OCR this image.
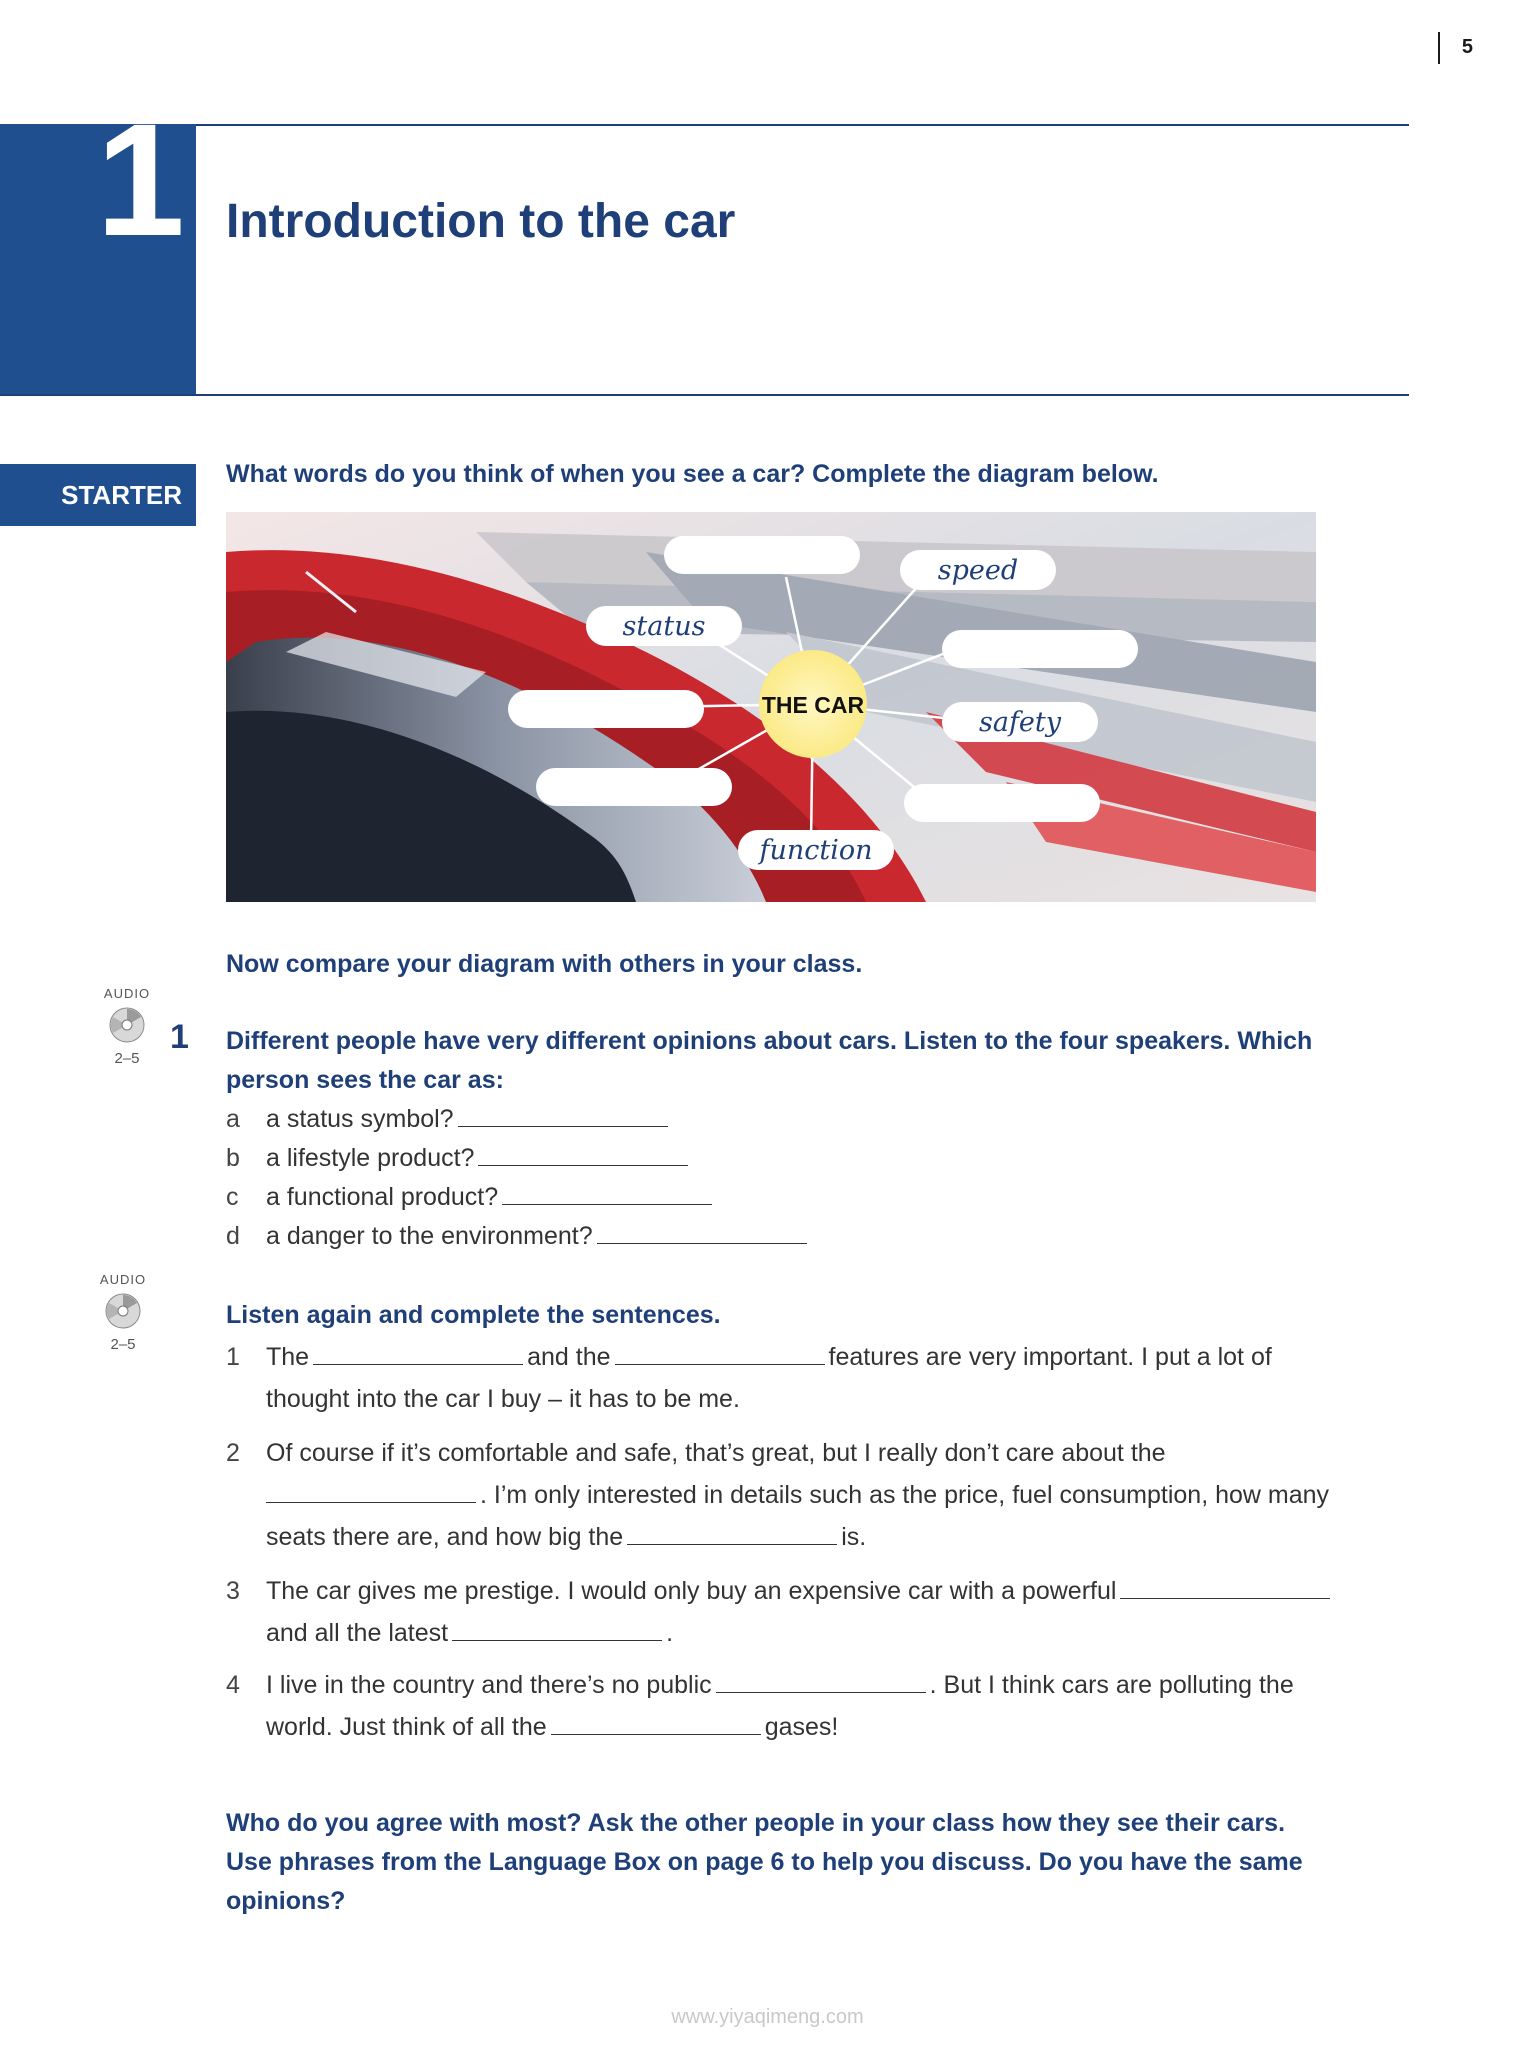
5
1 Introduction to the car
STARTER
What words do you think of when you see a car? Complete the diagram below.
speed
status
safety
function
THE CAR
Now compare your diagram with others in your class.
AUDIO
2–5
1 Different people have very different opinions about cars. Listen to the four speakers. Which
person sees the car as:
a a status symbol?
b a lifestyle product?
c a functional product?
d a danger to the environment?
AUDIO
2–5
Listen again and complete the sentences.
1 The	and the	features are very important. I put a lot of
thought into the car I buy – it has to be me.
2 Of course if it’s comfortable and safe, that’s great, but I really don’t care about the
. I’m only interested in details such as the price, fuel consumption, how many
seats there are, and how big the	is.
3 The car gives me prestige. I would only buy an expensive car with a powerful
and all the latest	.
4 I live in the country and there’s no public	. But I think cars are polluting the
world. Just think of all the	gases!
Who do you agree with most? Ask the other people in your class how they see their cars.
Use phrases from the Language Box on page 6 to help you discuss. Do you have the same
opinions?
www.yiyaqimeng.com
